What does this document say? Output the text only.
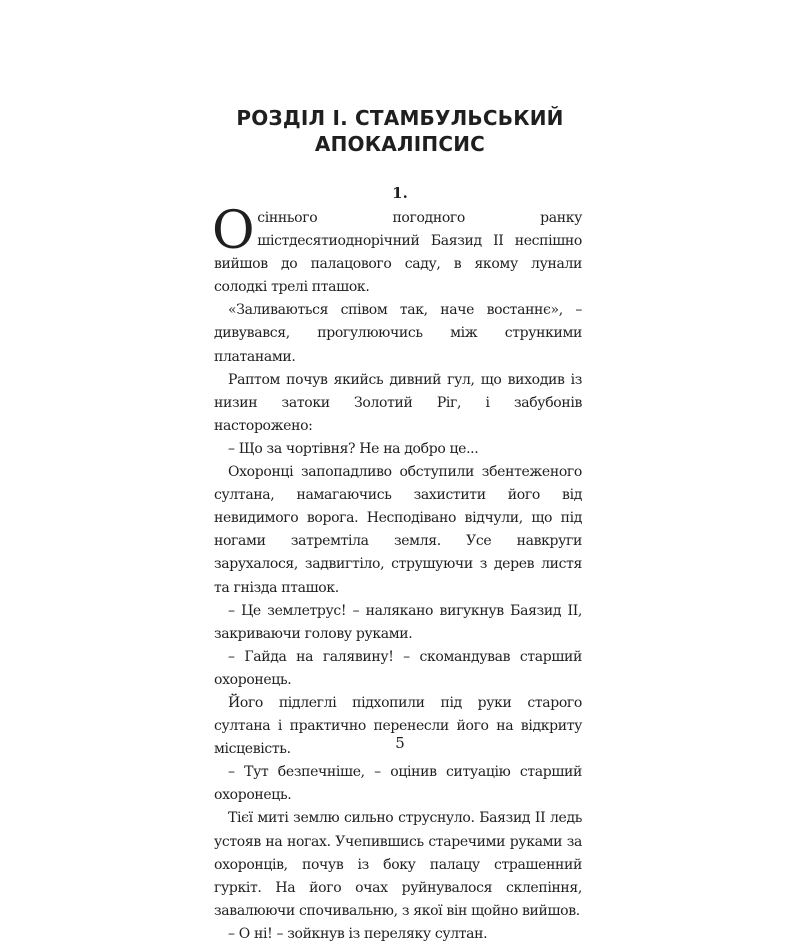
РОЗДІЛ І. СТАМБУЛЬСЬКИЙ
АПОКАЛІПСИС
1.

Осіннього погодного ранку шістдесятиоднорічний Баязид ІІ неспішно вийшов до палацового саду, в якому лунали солодкі трелі пташок.

«Заливаються співом так, наче востаннє», – дивувався, прогулюючись між стрункими платанами.

Раптом почув якийсь дивний гул, що виходив із низин затоки Золотий Ріг, і забубонів насторожено:

– Що за чортівня? Не на добро це...

Охоронці запопадливо обступили збентеженого султана, намагаючись захистити його від невидимого ворога. Несподівано відчули, що під ногами затремтіла земля. Усе навкруги зарухалося, задвигтіло, струшуючи з дерев листя та гнізда пташок.

– Це землетрус! – налякано вигукнув Баязид ІІ, закриваючи голову руками.

– Гайда на галявину! – скомандував старший охоронець.

Його підлеглі підхопили під руки старого султана і практично перенесли його на відкриту місцевість.

– Тут безпечніше, – оцінив ситуацію старший охоронець.

Тієї миті землю сильно струснуло. Баязид ІІ ледь устояв на ногах. Учепившись старечими руками за охоронців, почув із боку палацу страшенний гуркіт. На його очах руйнувалося склепіння, завалюючи спочивальню, з якої він щойно вийшов.

– О ні! – зойкнув із переляку султан.

5
